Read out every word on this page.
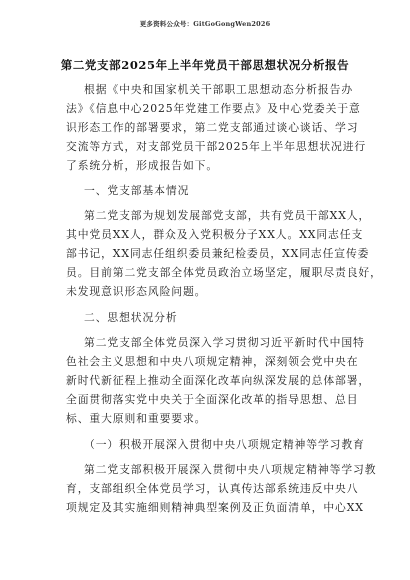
更多资料公众号：GitGoGongWen2026
第二党支部2025年上半年党员干部思想状况分析报告
根据《中央和国家机关干部职工思想动态分析报告办
法》《信息中心2025年党建工作要点》及中心党委关于意
识形态工作的部署要求，第二党支部通过谈心谈话、学习
交流等方式，对支部党员干部2025年上半年思想状况进行
了系统分析，形成报告如下。
一、党支部基本情况
第二党支部为规划发展部党支部，共有党员干部XX人，
其中党员XX人，群众及入党积极分子XX人。XX同志任支
部书记，XX同志任组织委员兼纪检委员，XX同志任宣传委
员。目前第二党支部全体党员政治立场坚定，履职尽责良好，
未发现意识形态风险问题。
二、思想状况分析
第二党支部全体党员深入学习贯彻习近平新时代中国特
色社会主义思想和中央八项规定精神，深刻领会党中央在
新时代新征程上推动全面深化改革向纵深发展的总体部署，
全面贯彻落实党中央关于全面深化改革的指导思想、总目
标、重大原则和重要要求。
（一）积极开展深入贯彻中央八项规定精神等学习教育
第二党支部积极开展深入贯彻中央八项规定精神等学习教
育，支部组织全体党员学习，认真传达部系统违反中央八
项规定及其实施细则精神典型案例及正负面清单，中心XX
